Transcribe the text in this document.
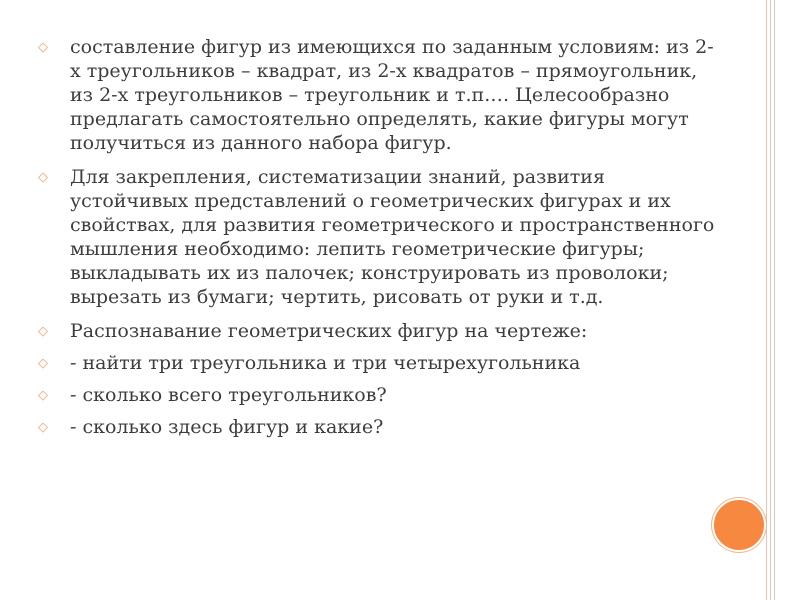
◇ составление фигур из имеющихся по заданным условиям: из 2-х треугольников – квадрат, из 2-х квадратов – прямоугольник, из 2-х треугольников – треугольник и т.п.… Целесообразно предлагать самостоятельно определять, какие фигуры могут получиться из данного набора фигур.
◇ Для закрепления, систематизации знаний, развития устойчивых представлений о геометрических фигурах и их свойствах, для развития геометрического и пространственного мышления необходимо: лепить геометрические фигуры; выкладывать их из палочек; конструировать из проволоки; вырезать из бумаги; чертить, рисовать от руки и т.д.
◇ Распознавание геометрических фигур на чертеже:
◇ - найти три треугольника и три четырехугольника
◇ - сколько всего треугольников?
◇ - сколько здесь фигур и какие?
